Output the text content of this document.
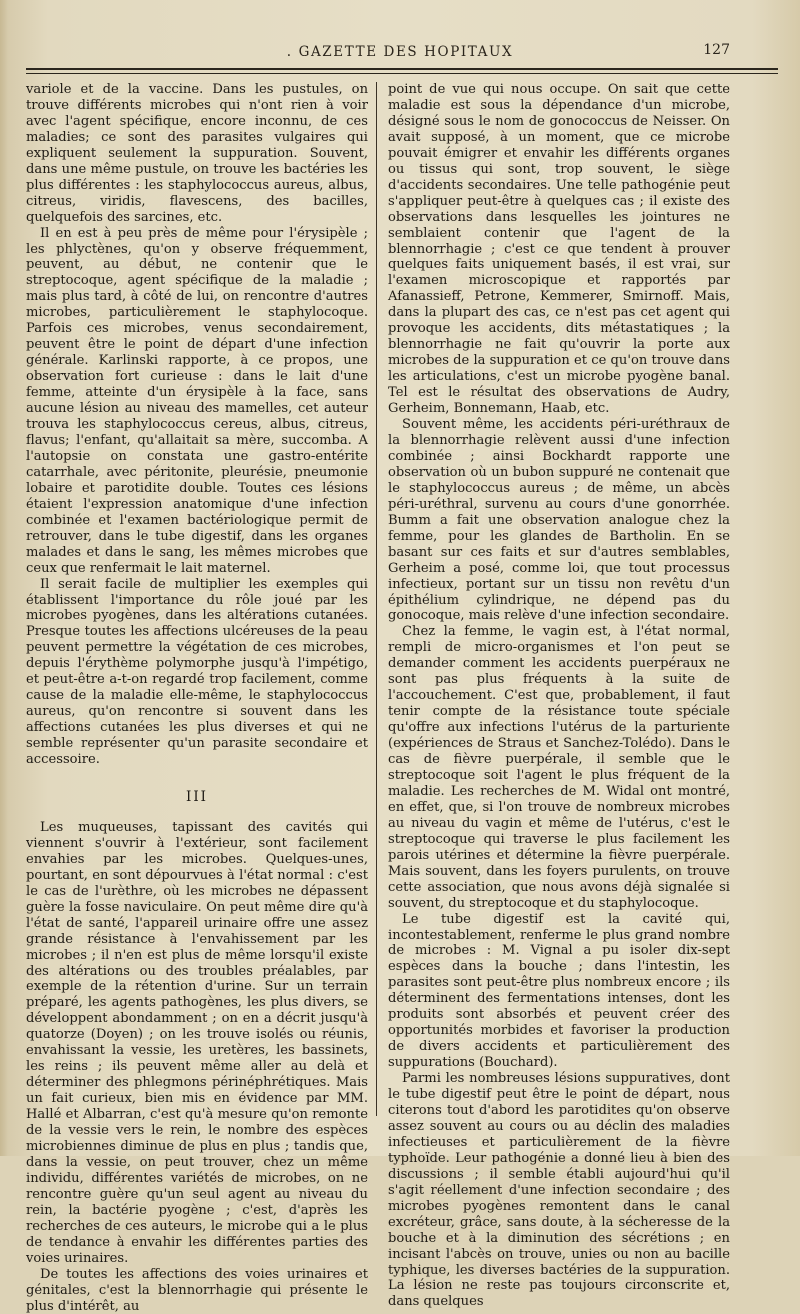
. GAZETTE DES HOPITAUX	127

variole et de la vaccine. Dans les pustules, on trouve différents microbes qui n'ont rien à voir avec l'agent spécifique, encore inconnu, de ces maladies; ce sont des parasites vulgaires qui expliquent seulement la suppuration. Souvent, dans une même pustule, on trouve les bactéries les plus différentes : les staphylococcus aureus, albus, citreus, viridis, flavescens, des bacilles, quelquefois des sarcines, etc.

Il en est à peu près de même pour l'érysipèle ; les phlyctènes, qu'on y observe fréquemment, peuvent, au début, ne contenir que le streptocoque, agent spécifique de la maladie ; mais plus tard, à côté de lui, on rencontre d'autres microbes, particulièrement le staphylocoque. Parfois ces microbes, venus secondairement, peuvent être le point de départ d'une infection générale. Karlinski rapporte, à ce propos, une observation fort curieuse : dans le lait d'une femme, atteinte d'un érysipèle à la face, sans aucune lésion au niveau des mamelles, cet auteur trouva les staphylococcus cereus, albus, citreus, flavus; l'enfant, qu'allaitait sa mère, succomba. A l'autopsie on constata une gastro-entérite catarrhale, avec péritonite, pleurésie, pneumonie lobaire et parotidite double. Toutes ces lésions étaient l'expression anatomique d'une infection combinée et l'examen bactériologique permit de retrouver, dans le tube digestif, dans les organes malades et dans le sang, les mêmes microbes que ceux que renfermait le lait maternel.

Il serait facile de multiplier les exemples qui établissent l'importance du rôle joué par les microbes pyogènes, dans les altérations cutanées. Presque toutes les affections ulcéreuses de la peau peuvent permettre la végétation de ces microbes, depuis l'érythème polymorphe jusqu'à l'impétigo, et peut-être a-t-on regardé trop facilement, comme cause de la maladie elle-même, le staphylococcus aureus, qu'on rencontre si souvent dans les affections cutanées les plus diverses et qui ne semble représenter qu'un parasite secondaire et accessoire.

III

Les muqueuses, tapissant des cavités qui viennent s'ouvrir à l'extérieur, sont facilement envahies par les microbes. Quelques-unes, pourtant, en sont dépourvues à l'état normal : c'est le cas de l'urèthre, où les microbes ne dépassent guère la fosse naviculaire. On peut même dire qu'à l'état de santé, l'appareil urinaire offre une assez grande résistance à l'envahissement par les microbes ; il n'en est plus de même lorsqu'il existe des altérations ou des troubles préalables, par exemple de la rétention d'urine. Sur un terrain préparé, les agents pathogènes, les plus divers, se développent abondamment ; on en a décrit jusqu'à quatorze (Doyen) ; on les trouve isolés ou réunis, envahissant la vessie, les uretères, les bassinets, les reins ; ils peuvent même aller au delà et déterminer des phlegmons périnéphrétiques. Mais un fait curieux, bien mis en évidence par MM. Hallé et Albarran, c'est qu'à mesure qu'on remonte de la vessie vers le rein, le nombre des espèces microbiennes diminue de plus en plus ; tandis que, dans la vessie, on peut trouver, chez un même individu, différentes variétés de microbes, on ne rencontre guère qu'un seul agent au niveau du rein, la bactérie pyogène ; c'est, d'après les recherches de ces auteurs, le microbe qui a le plus de tendance à envahir les différentes parties des voies urinaires.

De toutes les affections des voies urinaires et génitales, c'est la blennorrhagie qui présente le plus d'intérêt, au

point de vue qui nous occupe. On sait que cette maladie est sous la dépendance d'un microbe, désigné sous le nom de gonococcus de Neisser. On avait supposé, à un moment, que ce microbe pouvait émigrer et envahir les différents organes ou tissus qui sont, trop souvent, le siège d'accidents secondaires. Une telle pathogénie peut s'appliquer peut-être à quelques cas ; il existe des observations dans lesquelles les jointures ne semblaient contenir que l'agent de la blennorrhagie ; c'est ce que tendent à prouver quelques faits uniquement basés, il est vrai, sur l'examen microscopique et rapportés par Afanassieff, Petrone, Kemmerer, Smirnoff. Mais, dans la plupart des cas, ce n'est pas cet agent qui provoque les accidents, dits métastatiques ; la blennorrhagie ne fait qu'ouvrir la porte aux microbes de la suppuration et ce qu'on trouve dans les articulations, c'est un microbe pyogène banal. Tel est le résultat des observations de Audry, Gerheim, Bonnemann, Haab, etc.

Souvent même, les accidents péri-uréthraux de la blennorrhagie relèvent aussi d'une infection combinée ; ainsi Bockhardt rapporte une observation où un bubon suppuré ne contenait que le staphylococcus aureus ; de même, un abcès péri-uréthral, survenu au cours d'une gonorrhée. Bumm a fait une observation analogue chez la femme, pour les glandes de Bartholin. En se basant sur ces faits et sur d'autres semblables, Gerheim a posé, comme loi, que tout processus infectieux, portant sur un tissu non revêtu d'un épithélium cylindrique, ne dépend pas du gonocoque, mais relève d'une infection secondaire.

Chez la femme, le vagin est, à l'état normal, rempli de micro-organismes et l'on peut se demander comment les accidents puerpéraux ne sont pas plus fréquents à la suite de l'accouchement. C'est que, probablement, il faut tenir compte de la résistance toute spéciale qu'offre aux infections l'utérus de la parturiente (expériences de Straus et Sanchez-Tolédo). Dans le cas de fièvre puerpérale, il semble que le streptocoque soit l'agent le plus fréquent de la maladie. Les recherches de M. Widal ont montré, en effet, que, si l'on trouve de nombreux microbes au niveau du vagin et même de l'utérus, c'est le streptocoque qui traverse le plus facilement les parois utérines et détermine la fièvre puerpérale. Mais souvent, dans les foyers purulents, on trouve cette association, que nous avons déjà signalée si souvent, du streptocoque et du staphylocoque.

Le tube digestif est la cavité qui, incontestablement, renferme le plus grand nombre de microbes : M. Vignal a pu isoler dix-sept espèces dans la bouche ; dans l'intestin, les parasites sont peut-être plus nombreux encore ; ils déterminent des fermentations intenses, dont les produits sont absorbés et peuvent créer des opportunités morbides et favoriser la production de divers accidents et particulièrement des suppurations (Bouchard).

Parmi les nombreuses lésions suppuratives, dont le tube digestif peut être le point de départ, nous citerons tout d'abord les parotidites qu'on observe assez souvent au cours ou au déclin des maladies infectieuses et particulièrement de la fièvre typhoïde. Leur pathogénie a donné lieu à bien des discussions ; il semble établi aujourd'hui qu'il s'agit réellement d'une infection secondaire ; des microbes pyogènes remontent dans le canal excréteur, grâce, sans doute, à la sécheresse de la bouche et à la diminution des sécrétions ; en incisant l'abcès on trouve, unies ou non au bacille typhique, les diverses bactéries de la suppuration. La lésion ne reste pas toujours circonscrite et, dans quelques
